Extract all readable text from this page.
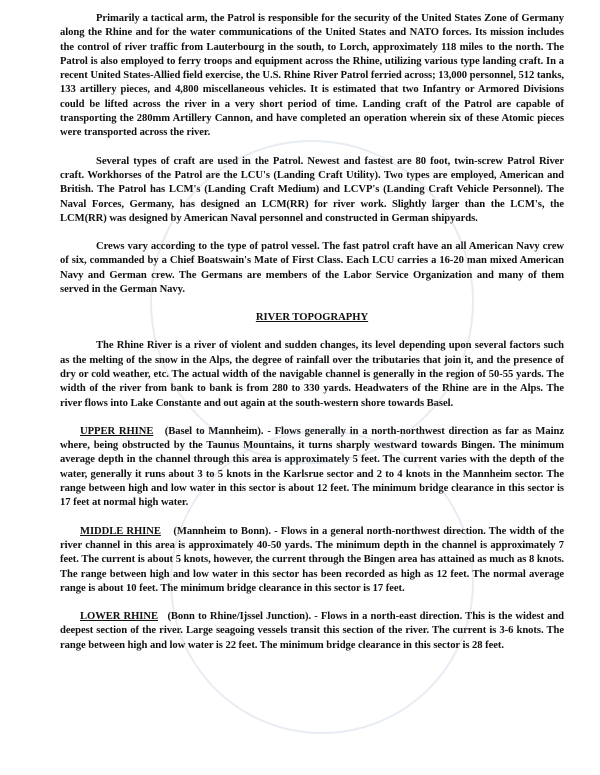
Primarily a tactical arm, the Patrol is responsible for the security of the United States Zone of Germany along the Rhine and for the water communications of the United States and NATO forces. Its mission includes the control of river traffic from Lauterbourg in the south, to Lorch, approximately 118 miles to the north. The Patrol is also employed to ferry troops and equipment across the Rhine, utilizing various type landing craft. In a recent United States-Allied field exercise, the U.S. Rhine River Patrol ferried across; 13,000 personnel, 512 tanks, 133 artillery pieces, and 4,800 miscellaneous vehicles. It is estimated that two Infantry or Armored Divisions could be lifted across the river in a very short period of time. Landing craft of the Patrol are capable of transporting the 280mm Artillery Cannon, and have completed an operation wherein six of these Atomic pieces were transported across the river.

Several types of craft are used in the Patrol. Newest and fastest are 80 foot, twin-screw Patrol River craft. Workhorses of the Patrol are the LCU's (Landing Craft Utility). Two types are employed, American and British. The Patrol has LCM's (Landing Craft Medium) and LCVP's (Landing Craft Vehicle Personnel). The Naval Forces, Germany, has designed an LCM(RR) for river work. Slightly larger than the LCM's, the LCM(RR) was designed by American Naval personnel and constructed in German shipyards.

Crews vary according to the type of patrol vessel. The fast patrol craft have an all American Navy crew of six, commanded by a Chief Boatswain's Mate of First Class. Each LCU carries a 16-20 man mixed American Navy and German crew. The Germans are members of the Labor Service Organization and many of them served in the German Navy.

RIVER TOPOGRAPHY

The Rhine River is a river of violent and sudden changes, its level depending upon several factors such as the melting of the snow in the Alps, the degree of rainfall over the tributaries that join it, and the presence of dry or cold weather, etc. The actual width of the navigable channel is generally in the region of 50-55 yards. The width of the river from bank to bank is from 280 to 330 yards. Headwaters of the Rhine are in the Alps. The river flows into Lake Constante and out again at the south-western shore towards Basel.

UPPER RHINE (Basel to Mannheim). - Flows generally in a north-northwest direction as far as Mainz where, being obstructed by the Taunus Mountains, it turns sharply westward towards Bingen. The minimum average depth in the channel through this area is approximately 5 feet. The current varies with the depth of the water, generally it runs about 3 to 5 knots in the Karlsrue sector and 2 to 4 knots in the Mannheim sector. The range between high and low water in this sector is about 12 feet. The minimum bridge clearance in this sector is 17 feet at normal high water.

MIDDLE RHINE (Mannheim to Bonn). - Flows in a general north-northwest direction. The width of the river channel in this area is approximately 40-50 yards. The minimum depth in the channel is approximately 7 feet. The current is about 5 knots, however, the current through the Bingen area has attained as much as 8 knots. The range between high and low water in this sector has been recorded as high as 12 feet. The normal average range is about 10 feet. The minimum bridge clearance in this sector is 17 feet.

LOWER RHINE (Bonn to Rhine/Ijssel Junction). - Flows in a north-east direction. This is the widest and deepest section of the river. Large seagoing vessels transit this section of the river. The current is 3-6 knots. The range between high and low water is 22 feet. The minimum bridge clearance in this sector is 28 feet.
